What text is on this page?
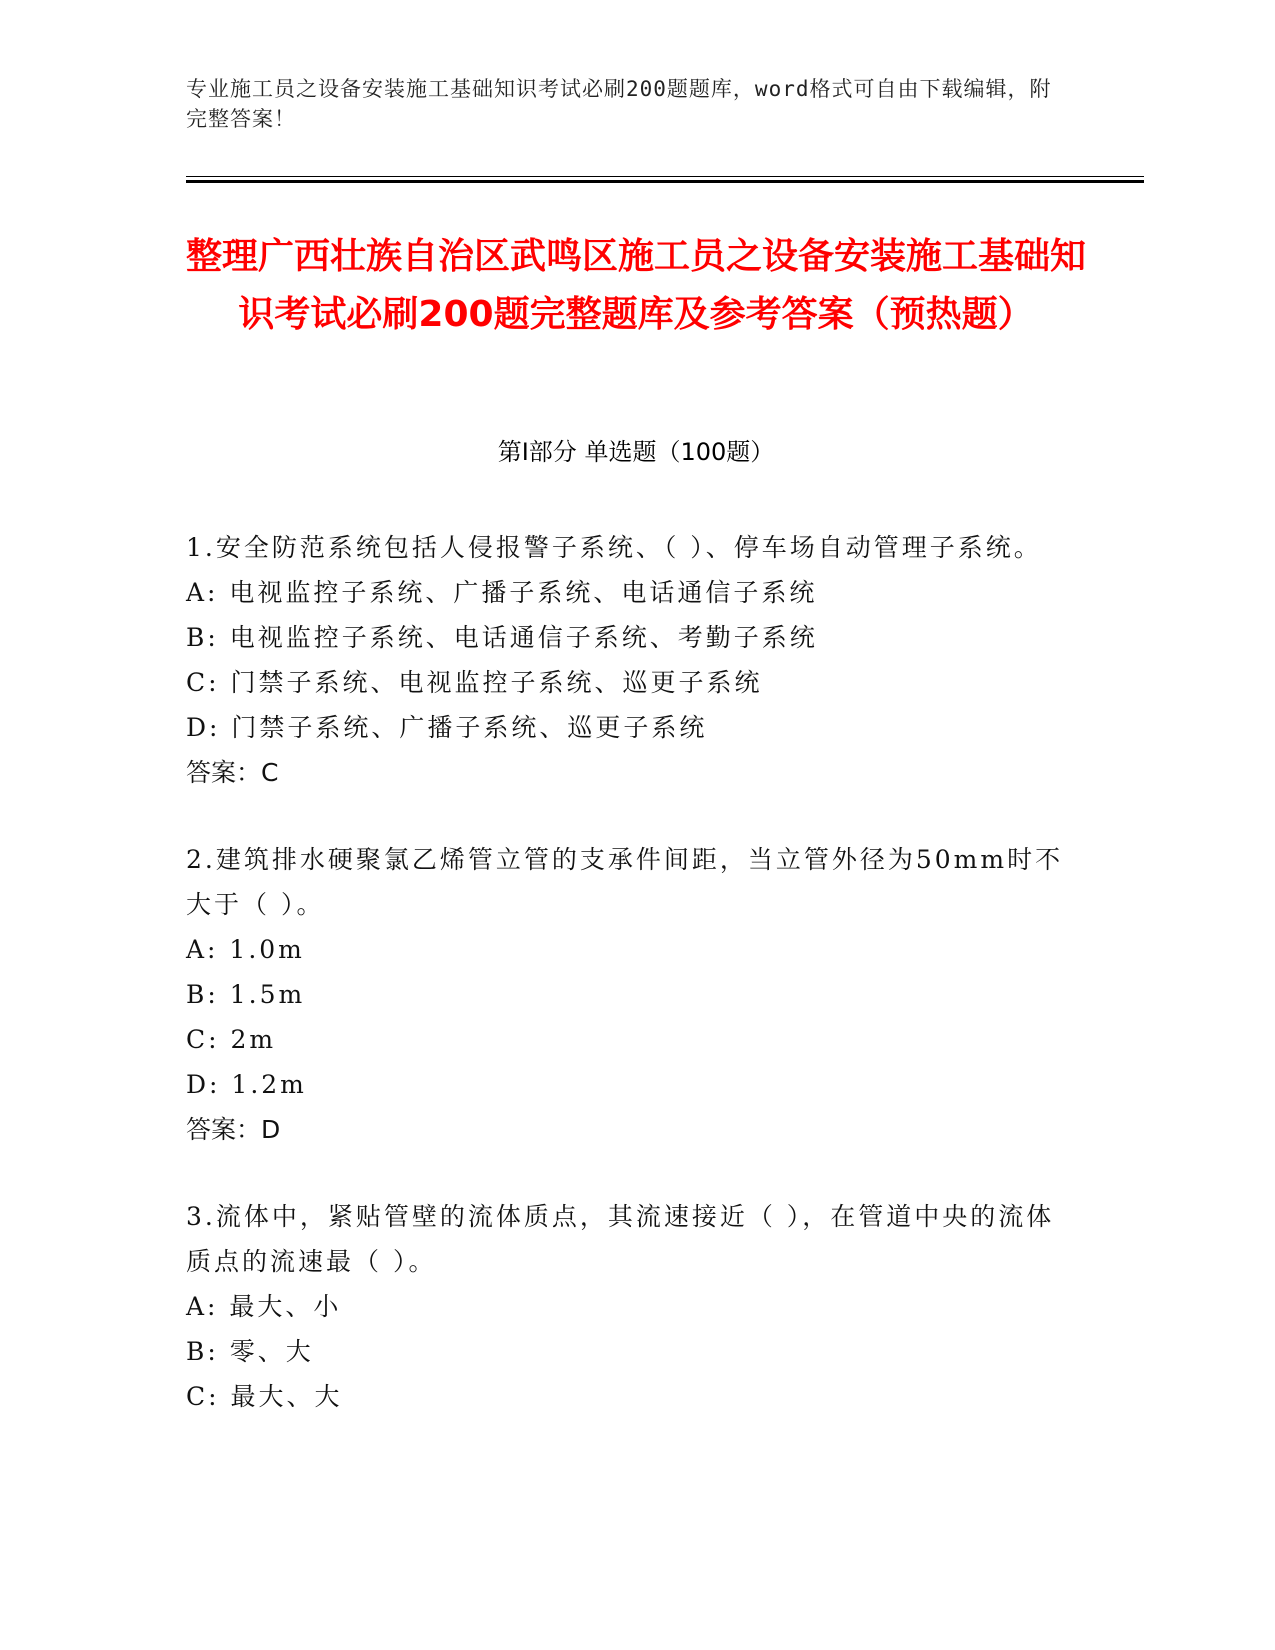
专业施工员之设备安装施工基础知识考试必刷200题题库，word格式可自由下载编辑，附完整答案！
整理广西壮族自治区武鸣区施工员之设备安装施工基础知识考试必刷200题完整题库及参考答案（预热题）
第Ⅰ部分 单选题（100题）

1.安全防范系统包括人侵报警子系统、（ ）、停车场自动管理子系统。

A: 电视监控子系统、广播子系统、电话通信子系统

B: 电视监控子系统、电话通信子系统、考勤子系统

C: 门禁子系统、电视监控子系统、巡更子系统

D: 门禁子系统、广播子系统、巡更子系统

答案：C

2.建筑排水硬聚氯乙烯管立管的支承件间距，当立管外径为50mm时不大于（ ）。

A: 1.0m

B: 1.5m

C: 2m

D: 1.2m

答案：D

3.流体中，紧贴管壁的流体质点，其流速接近（ ），在管道中央的流体质点的流速最（ ）。

A: 最大、小

B: 零、大

C: 最大、大
